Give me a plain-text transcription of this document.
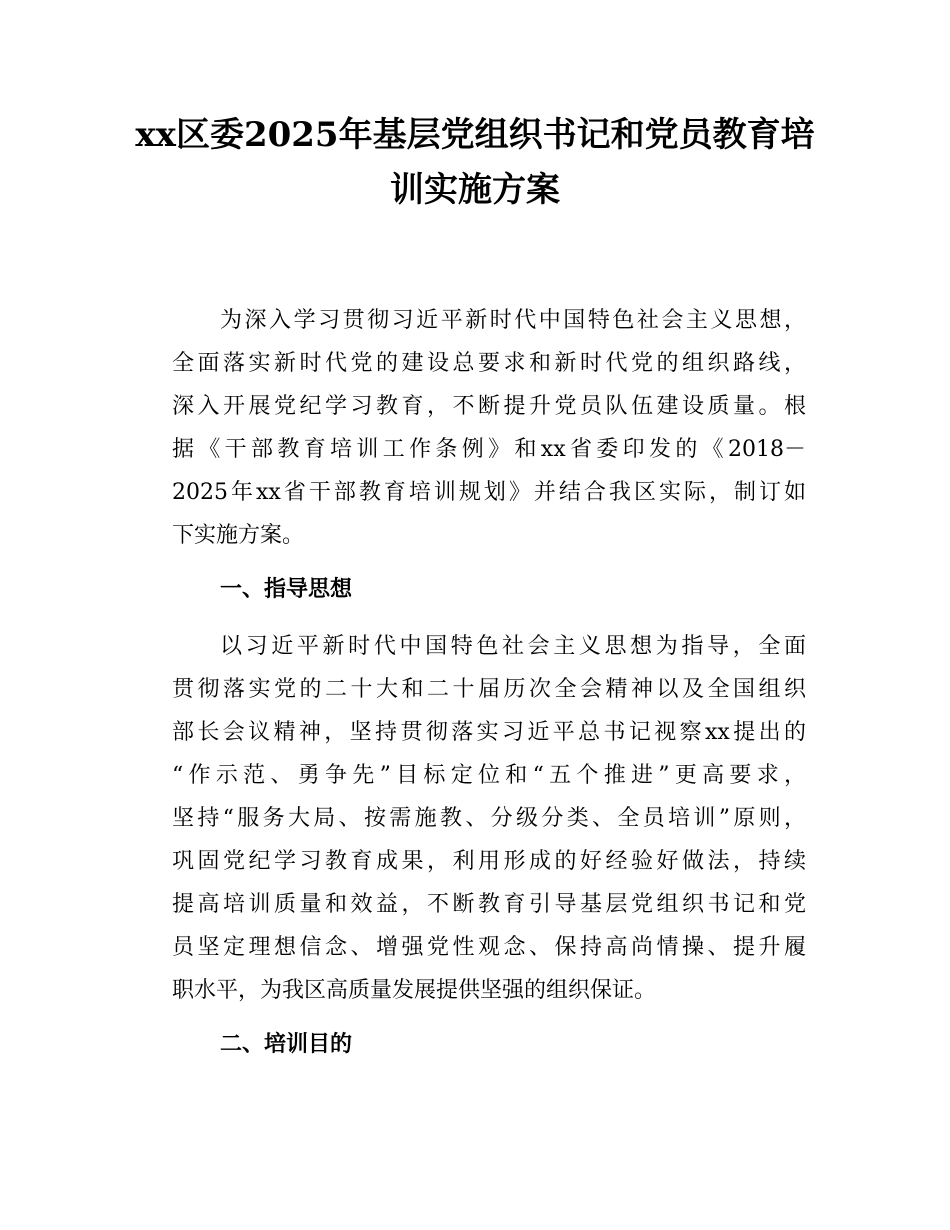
xx区委2025年基层党组织书记和党员教育培
训实施方案
为深入学习贯彻习近平新时代中国特色社会主义思想，
全面落实新时代党的建设总要求和新时代党的组织路线，
深入开展党纪学习教育，不断提升党员队伍建设质量。根
据《干部教育培训工作条例》和xx省委印发的《2018－
2025年xx省干部教育培训规划》并结合我区实际，制订如
下实施方案。
一、指导思想
以习近平新时代中国特色社会主义思想为指导，全面
贯彻落实党的二十大和二十届历次全会精神以及全国组织
部长会议精神，坚持贯彻落实习近平总书记视察xx提出的
“作示范、勇争先”目标定位和“五个推进”更高要求，
坚持“服务大局、按需施教、分级分类、全员培训”原则，
巩固党纪学习教育成果，利用形成的好经验好做法，持续
提高培训质量和效益，不断教育引导基层党组织书记和党
员坚定理想信念、增强党性观念、保持高尚情操、提升履
职水平，为我区高质量发展提供坚强的组织保证。
二、培训目的
